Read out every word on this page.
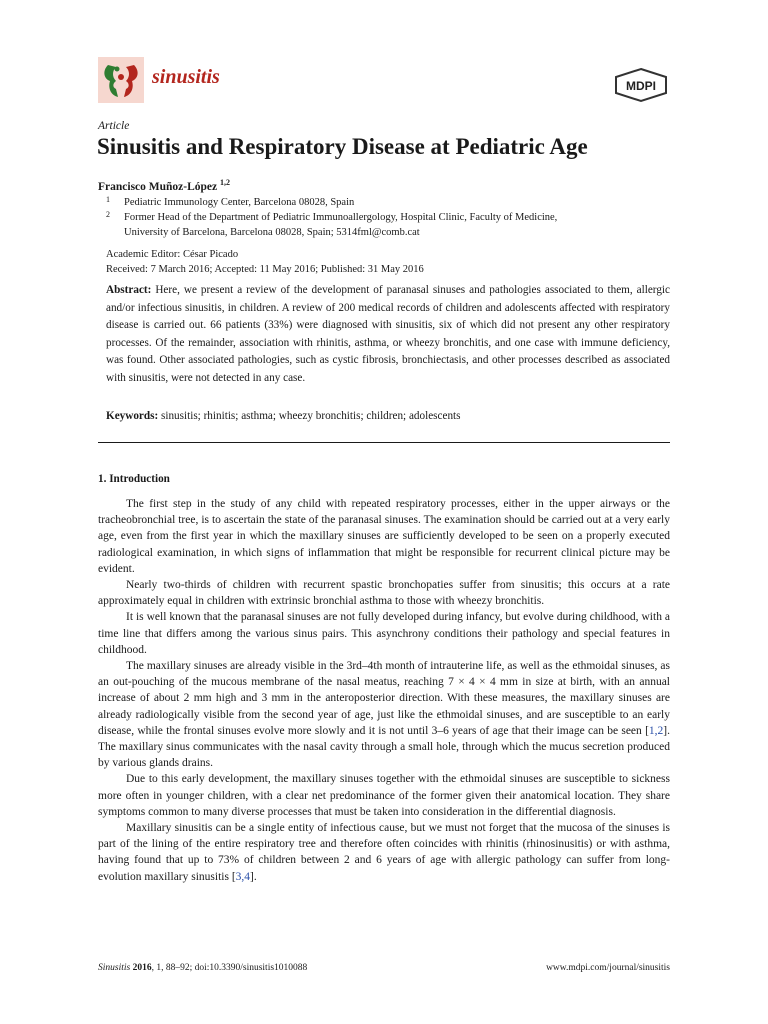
sinusitis	MDPI
Article
Sinusitis and Respiratory Disease at Pediatric Age
Francisco Muñoz-López $^{1,2}$
1 Pediatric Immunology Center, Barcelona 08028, Spain
2 Former Head of the Department of Pediatric Immunoallergology, Hospital Clinic, Faculty of Medicine,
University of Barcelona, Barcelona 08028, Spain; 5314fml@comb.cat
Academic Editor: César Picado
Received: 7 March 2016; Accepted: 11 May 2016; Published: 31 May 2016
Abstract: Here, we present a review of the development of paranasal sinuses and pathologies associated to them, allergic and/or infectious sinusitis, in children. A review of 200 medical records of children and adolescents affected with respiratory disease is carried out. 66 patients (33%) were diagnosed with sinusitis, six of which did not present any other respiratory processes. Of the remainder, association with rhinitis, asthma, or wheezy bronchitis, and one case with immune deficiency, was found. Other associated pathologies, such as cystic fibrosis, bronchiectasis, and other processes described as associated with sinusitis, were not detected in any case.
Keywords: sinusitis; rhinitis; asthma; wheezy bronchitis; children; adolescents
1. Introduction

The first step in the study of any child with repeated respiratory processes, either in the upper airways or the tracheobronchial tree, is to ascertain the state of the paranasal sinuses. The examination should be carried out at a very early age, even from the first year in which the maxillary sinuses are sufficiently developed to be seen on a properly executed radiological examination, in which signs of inflammation that might be responsible for recurrent clinical picture may be evident.

Nearly two-thirds of children with recurrent spastic bronchopaties suffer from sinusitis; this occurs at a rate approximately equal in children with extrinsic bronchial asthma to those with wheezy bronchitis.

It is well known that the paranasal sinuses are not fully developed during infancy, but evolve during childhood, with a time line that differs among the various sinus pairs. This asynchrony conditions their pathology and special features in childhood.

The maxillary sinuses are already visible in the 3rd–4th month of intrauterine life, as well as the ethmoidal sinuses, as an out-pouching of the mucous membrane of the nasal meatus, reaching 7 × 4 × 4 mm in size at birth, with an annual increase of about 2 mm high and 3 mm in the anteroposterior direction. With these measures, the maxillary sinuses are already radiologically visible from the second year of age, just like the ethmoidal sinuses, and are susceptible to an early disease, while the frontal sinuses evolve more slowly and it is not until 3–6 years of age that their image can be seen [1,2]. The maxillary sinus communicates with the nasal cavity through a small hole, through which the mucus secretion produced by various glands drains.

Due to this early development, the maxillary sinuses together with the ethmoidal sinuses are susceptible to sickness more often in younger children, with a clear net predominance of the former given their anatomical location. They share symptoms common to many diverse processes that must be taken into consideration in the differential diagnosis.

Maxillary sinusitis can be a single entity of infectious cause, but we must not forget that the mucosa of the sinuses is part of the lining of the entire respiratory tree and therefore often coincides with rhinitis (rhinosinusitis) or with asthma, having found that up to 73% of children between 2 and 6 years of age with allergic pathology can suffer from long-evolution maxillary sinusitis [3,4].

Sinusitis 2016, 1, 88–92; doi:10.3390/sinusitis1010088	www.mdpi.com/journal/sinusitis
